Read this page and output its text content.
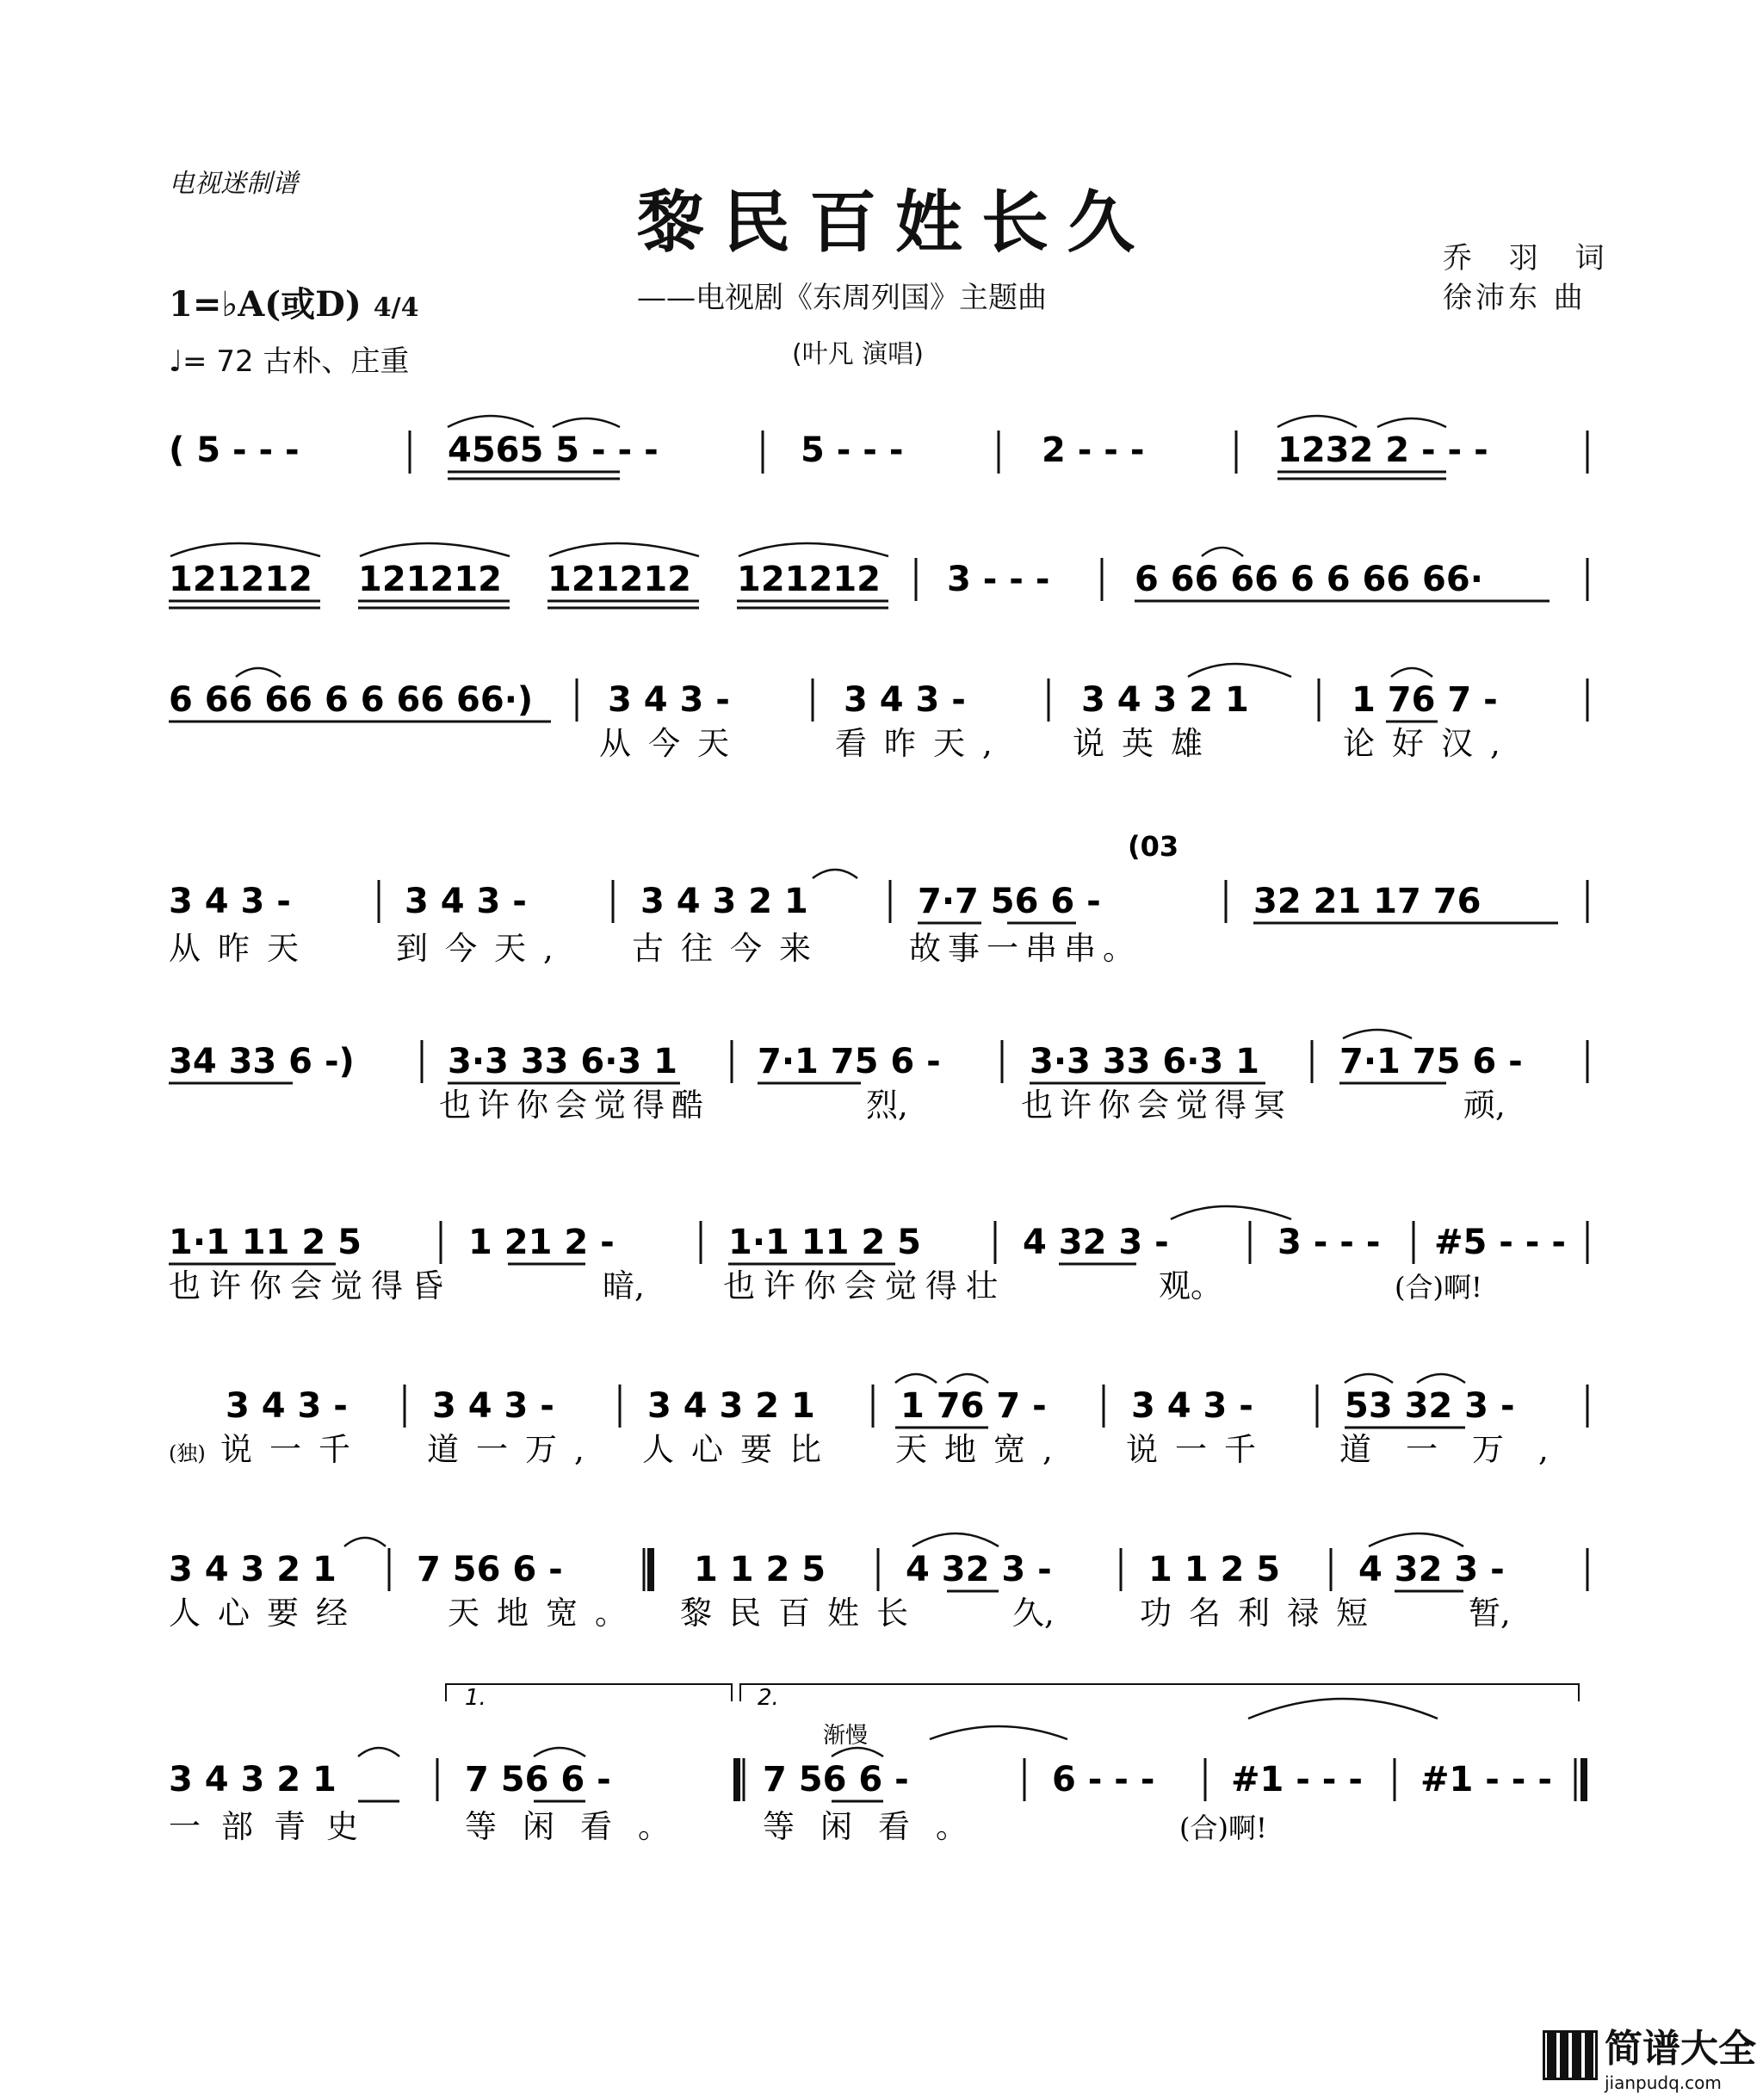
电视迷制谱	黎民百姓长久
——电视剧《东周列国》主题曲
(叶凡 演唱)
乔 羽 词
徐沛东 曲
1=♭A(或D) 4/4
♩= 72 古朴、庄重
( 5 - - -	4565 5 - - -	5 - - -	2 - - -	1232 2 - - -
121212 121212 121212 121212 3 - - - 6 66 66 6 6 66 66·
6 66 66 6 6 66 66·) 3 4 3 -	3 4 3 -	3 4 3 2 1	1 76 7 -
(03
3 4 3 -	3 4 3 -	3 4 3 2 1	7·7 56 6 -	32 21 17 76
34 33 6 -)	3·3 33 6·3 1 7·1 75 6 -	3·3 33 6·3 1 7·1 75 6 -
1·1 11 2 5	1 21 2 -	1·1 11 2 5	4 32 3 -	3 - - - #5 - - -
3 4 3 - 3 4 3 -	3 4 3 2 1 1 76 7 - 3 4 3 -	53 32 3 -
3 4 3 2 1 7 56 6 -	1 1 2 5 4 32 3 -	1 1 2 5 4 32 3 -
3 4 3 2 1	7 56 6 -	7 56 6 -	6 - - - #1 - - - #1 - - -
从今天	看昨天, 说英雄	论好汉,
从昨天	到今天, 古往今来	故事一串串。
也许你会觉得酷	烈,	也许你会觉得冥	顽,
也许你会觉得昏	暗, 也许你会觉得壮	观。	(合)啊!
(独) 说一千 道一万, 人心要比 天地宽, 说一千 道一万,
人心要经	天地宽。 黎民百姓长	久,	功名利禄短	暂,
一部青史	等闲看。 等闲看。	(合)啊!
1.	2.
渐慢
简谱大全
jianpudq.com
